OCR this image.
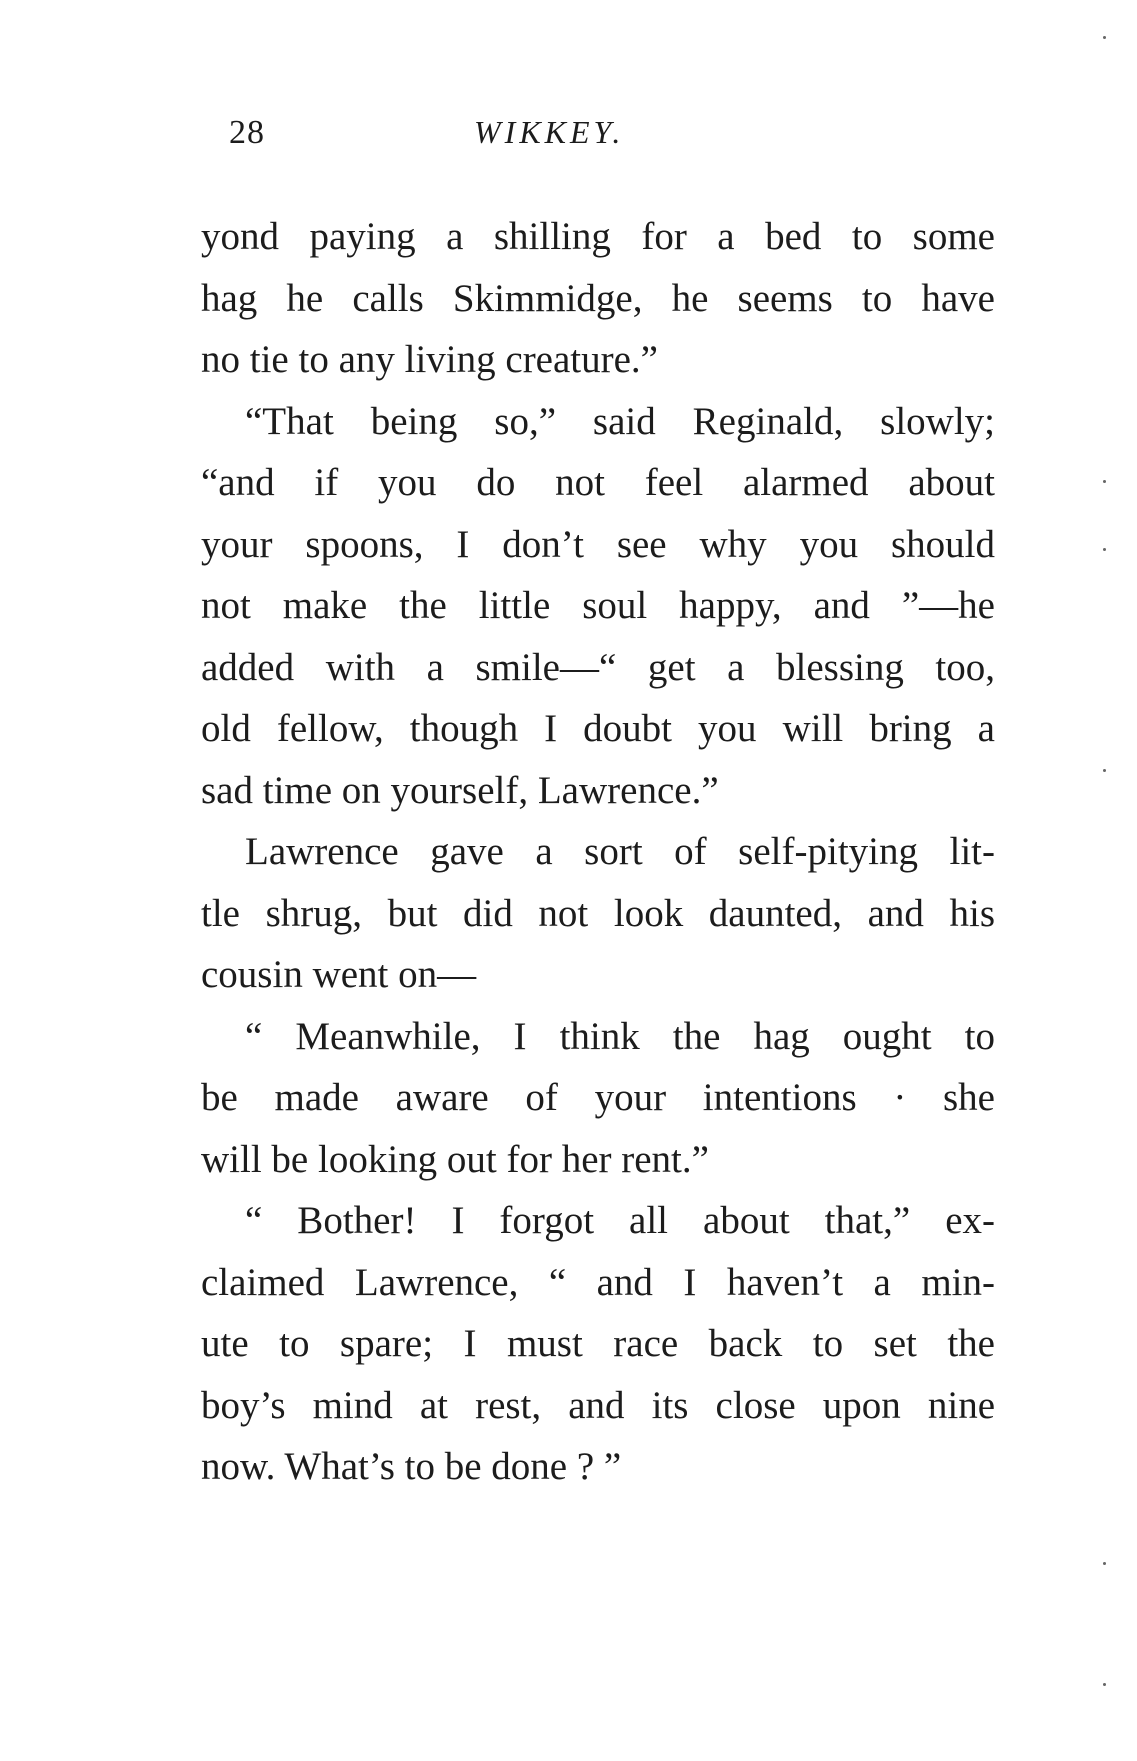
28	WIKKEY.
yond paying a shilling for a bed to some
hag he calls Skimmidge, he seems to have
no tie to any living creature.”
“That being so,” said Reginald, slowly;
“and if you do not feel alarmed about
your spoons, I don’t see why you should
not make the little soul happy, and ”—he
added with a smile—“ get a blessing too,
old fellow, though I doubt you will bring a
sad time on yourself, Lawrence.”
Lawrence gave a sort of self-pitying lit-
tle shrug, but did not look daunted, and his
cousin went on—
“ Meanwhile, I think the hag ought to
be made aware of your intentions · she
will be looking out for her rent.”
“ Bother! I forgot all about that,” ex-
claimed Lawrence, “ and I haven’t a min-
ute to spare; I must race back to set the
boy’s mind at rest, and its close upon nine
now. What’s to be done ? ”
